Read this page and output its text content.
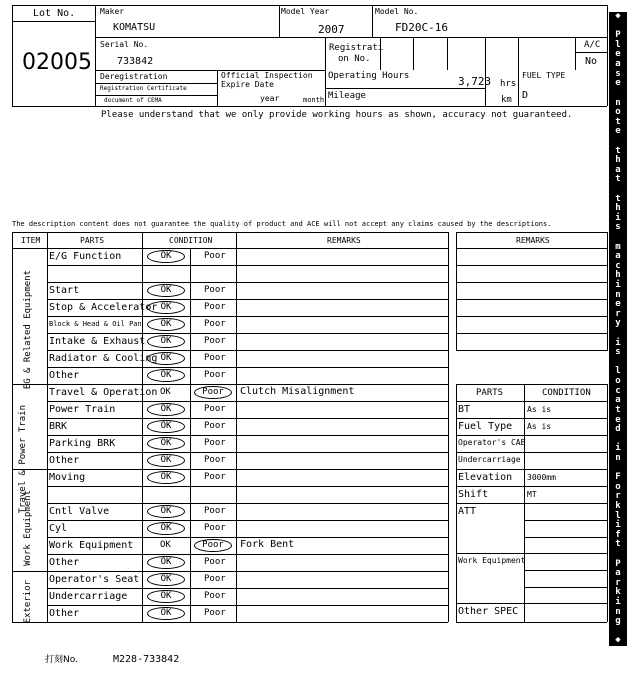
Lot No.
02005
Maker
KOMATSU
Model Year
2007
Model No.
FD20C-16
Serial No.
733842
Registrati
on No.
A/C
No
Deregistration
Registration Certificate
document of CEMA
Official Inspection
Expire Date
year	month
Operating Hours	3,723 hrs
Mileage	km
FUEL TYPE
D
Please understand that we only provide working hours as shown, accuracy not guaranteed.
The description content does not guarantee the quality of product and ACE will not accept any claims caused by the descriptions.
ITEM	PARTS	CONDITION	REMARKS
E/G Function	OK	Poor
Start	OK	Poor
Stop & Accelerator OK	Poor
Block & Head & Oil Pan	OK	Poor
Intake & Exhaust	OK	Poor
Radiator & Cooling OK	Poor
Other	OK	Poor
Travel & Operation OK	Poor	Clutch Misalignment
Power Train	OK	Poor
BRK	OK	Poor
Parking BRK	OK	Poor
Other	OK	Poor
Moving	OK	Poor
Cntl Valve	OK	Poor
Cyl	OK	Poor
Work Equipment	OK	Poor	Fork Bent
Other	OK	Poor
Operator's Seat	OK	Poor
Undercarriage	OK	Poor
Other	OK	Poor
EG & Related Equipment
Travel & Power Train
Work Equipment
Exterior
REMARKS
PARTS	CONDITION
BT	As is
Fuel Type As is
Operator's CAB
Undercarriage
Elevation 3000mm
Shift	MT
ATT
Work Equipment
Other SPEC
打刻No.	M228-733842
◆
P
l
e
a
s
e
n
o
t
e
t
h
a
t
t
h
i
s
m
a
c
h
i
n
e
r
y
i
s
l
o
c
a
t
e
d
i
n
F
o
r
k
l
i
f
t
P
a
r
k
i
n
g
◆
